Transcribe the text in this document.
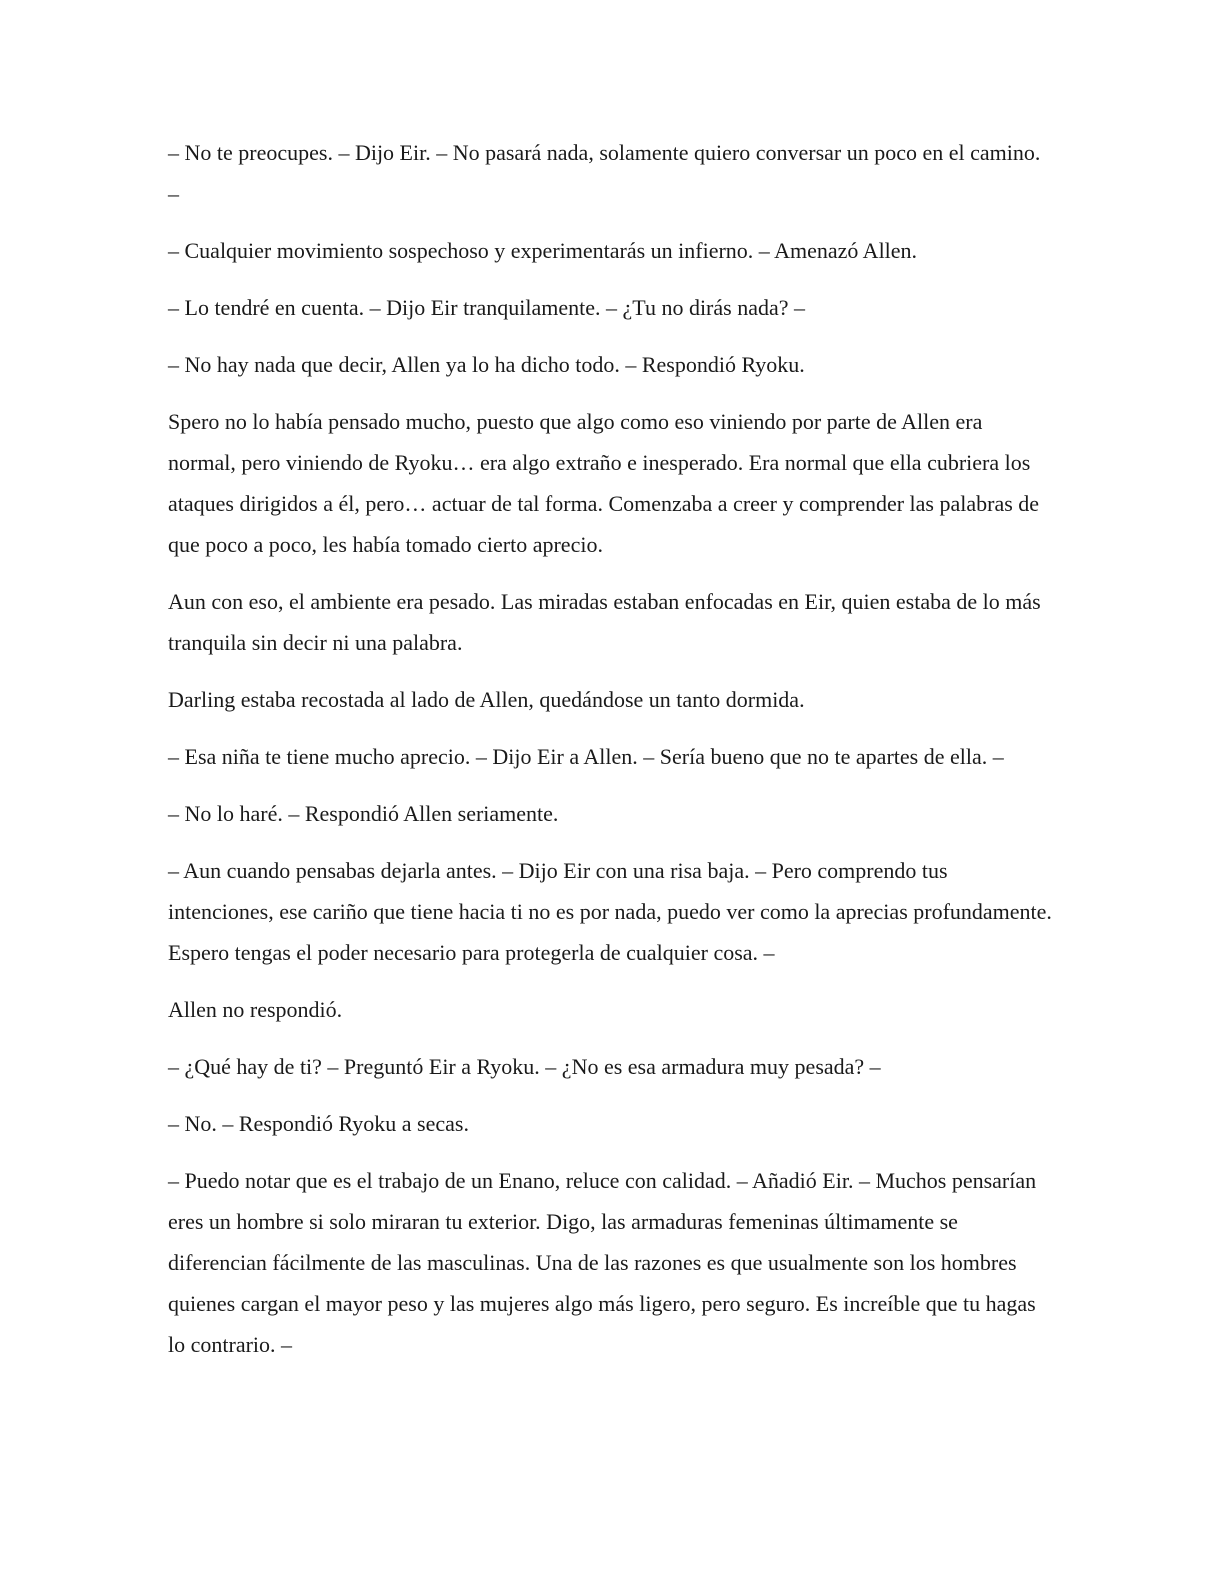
– No te preocupes. – Dijo Eir. – No pasará nada, solamente quiero conversar un poco en el camino. –

– Cualquier movimiento sospechoso y experimentarás un infierno. – Amenazó Allen.

– Lo tendré en cuenta. – Dijo Eir tranquilamente. – ¿Tu no dirás nada? –

– No hay nada que decir, Allen ya lo ha dicho todo. – Respondió Ryoku.

Spero no lo había pensado mucho, puesto que algo como eso viniendo por parte de Allen era normal, pero viniendo de Ryoku… era algo extraño e inesperado. Era normal que ella cubriera los ataques dirigidos a él, pero… actuar de tal forma. Comenzaba a creer y comprender las palabras de que poco a poco, les había tomado cierto aprecio.

Aun con eso, el ambiente era pesado. Las miradas estaban enfocadas en Eir, quien estaba de lo más tranquila sin decir ni una palabra.

Darling estaba recostada al lado de Allen, quedándose un tanto dormida.

– Esa niña te tiene mucho aprecio. – Dijo Eir a Allen. – Sería bueno que no te apartes de ella. –

– No lo haré. – Respondió Allen seriamente.

– Aun cuando pensabas dejarla antes. – Dijo Eir con una risa baja. – Pero comprendo tus intenciones, ese cariño que tiene hacia ti no es por nada, puedo ver como la aprecias profundamente. Espero tengas el poder necesario para protegerla de cualquier cosa. –

Allen no respondió.

– ¿Qué hay de ti? – Preguntó Eir a Ryoku. – ¿No es esa armadura muy pesada? –

– No. – Respondió Ryoku a secas.

– Puedo notar que es el trabajo de un Enano, reluce con calidad. – Añadió Eir. – Muchos pensarían eres un hombre si solo miraran tu exterior. Digo, las armaduras femeninas últimamente se diferencian fácilmente de las masculinas. Una de las razones es que usualmente son los hombres quienes cargan el mayor peso y las mujeres algo más ligero, pero seguro. Es increíble que tu hagas lo contrario. –
